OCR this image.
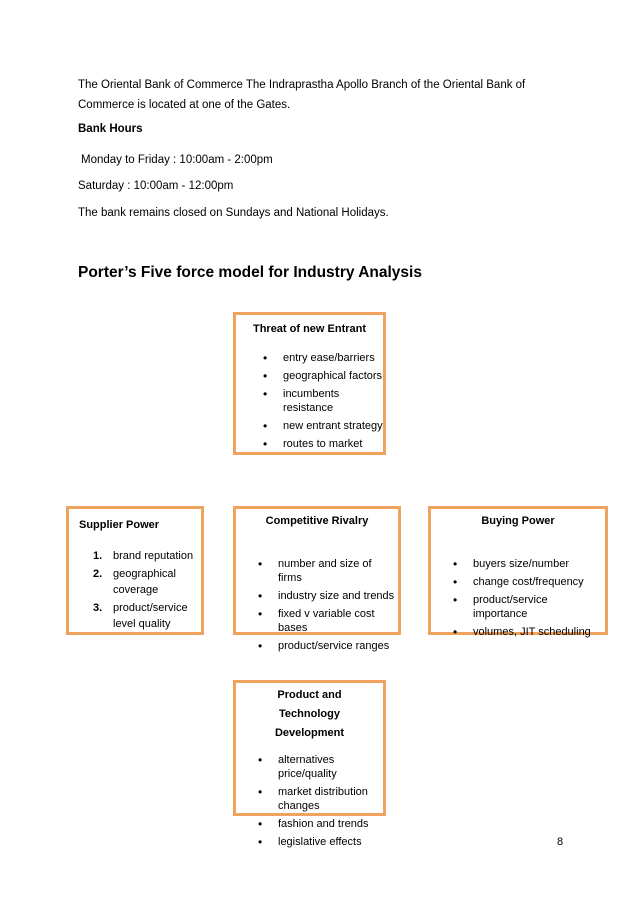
The Oriental Bank of Commerce The Indraprastha Apollo Branch of the Oriental Bank of Commerce is located at one of the Gates.

Bank Hours

Monday to Friday : 10:00am - 2:00pm

Saturday : 10:00am - 12:00pm

The bank remains closed on Sundays and National Holidays.

Porter’s Five force model for Industry Analysis
Threat of new Entrant
• entry ease/barriers
• geographical factors
• incumbents resistance
• new entrant strategy
• routes to market
Supplier Power
1. brand reputation
2. geographical coverage
3. product/service level quality
Competitive Rivalry
• number and size of firms
• industry size and trends
• fixed v variable cost bases
• product/service ranges
Buying Power
• buyers size/number
• change cost/frequency
• product/service importance
• volumes, JIT scheduling
Product and Technology Development
• alternatives price/quality
• market distribution changes
• fashion and trends
• legislative effects	8
